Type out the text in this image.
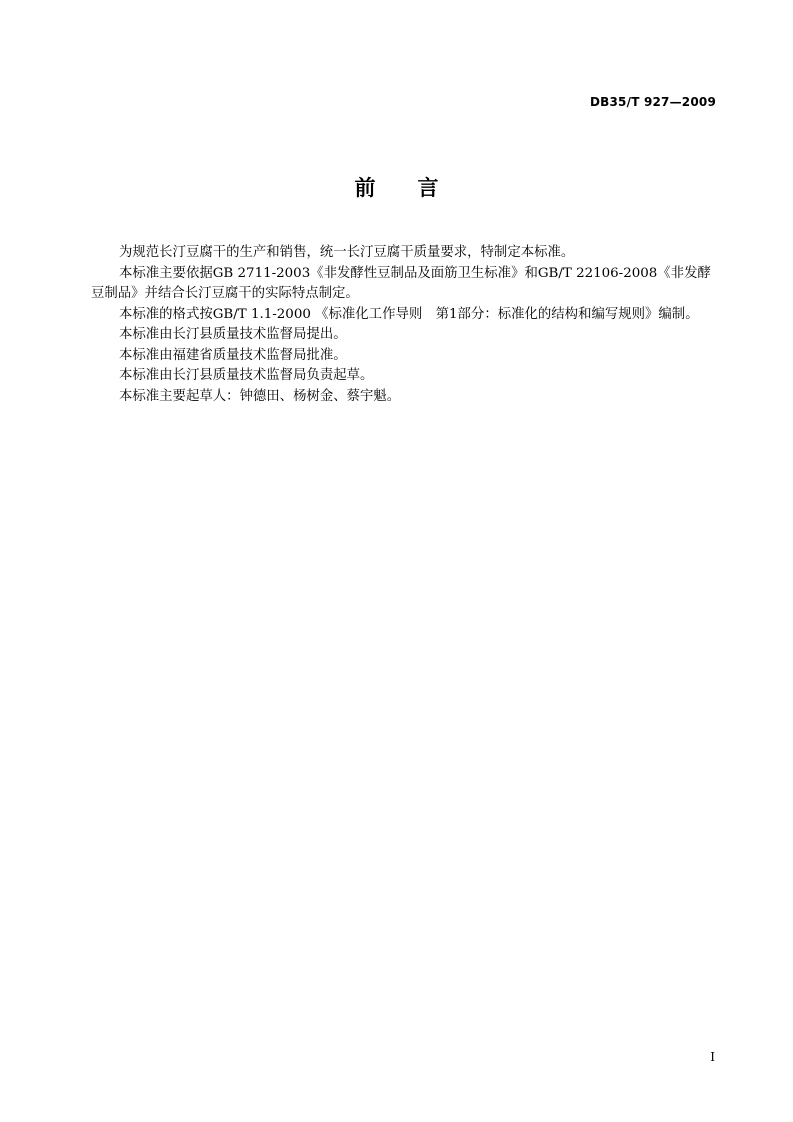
DB35/T 927—2009
前 言

为规范长汀豆腐干的生产和销售，统一长汀豆腐干质量要求，特制定本标准。

本标准主要依据GB 2711-2003《非发酵性豆制品及面筋卫生标准》和GB/T 22106-2008《非发酵豆制品》并结合长汀豆腐干的实际特点制定。

本标准的格式按GB/T 1.1-2000 《标准化工作导则　第1部分：标准化的结构和编写规则》编制。

本标准由长汀县质量技术监督局提出。

本标准由福建省质量技术监督局批准。

本标准由长汀县质量技术监督局负责起草。

本标准主要起草人：钟德田、杨树金、蔡宇魁。

I
